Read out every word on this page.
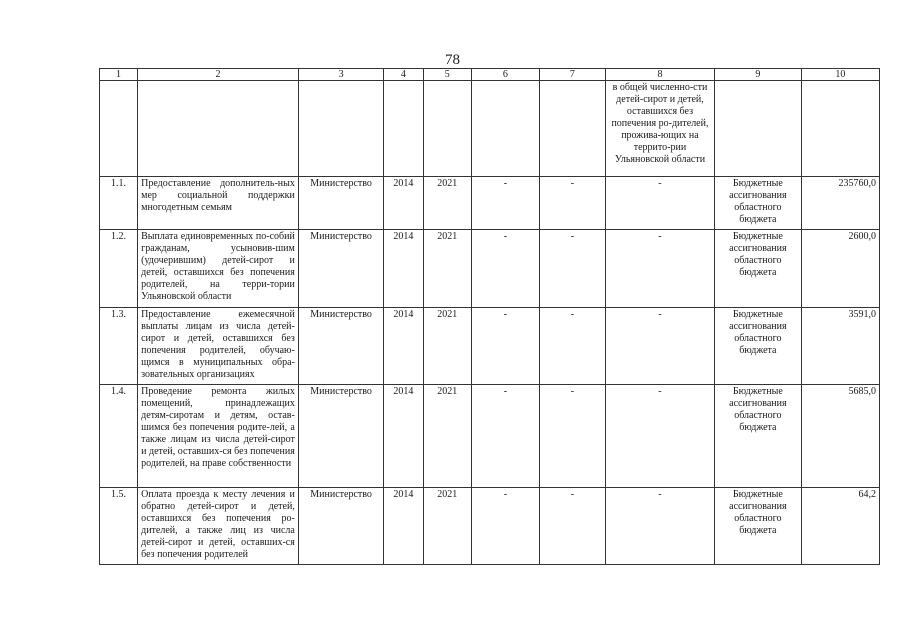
78
1	2	3	4	5	6	7	8	9	10
							в общей численно-сти детей-сирот и детей, оставшихся без попечения ро-дителей, прожива-ющих на террито-рии Ульяновской области		
1.1.	Предоставление дополнитель-ных мер социальной поддержки многодетным семьям	Министерство	2014	2021	-	-	-	Бюджетные ассигнования областного бюджета	235760,0
1.2.	Выплата единовременных по-собий гражданам, усыновив-шим (удочерившим) детей-сирот и детей, оставшихся без попечения родителей, на терри-тории Ульяновской области	Министерство	2014	2021	-	-	-	Бюджетные ассигнования областного бюджета	2600,0
1.3.	Предоставление ежемесячной выплаты лицам из числа детей-сирот и детей, оставшихся без попечения родителей, обучаю-щимся в муниципальных обра-зовательных организациях	Министерство	2014	2021	-	-	-	Бюджетные ассигнования областного бюджета	3591,0
1.4.	Проведение ремонта жилых помещений, принадлежащих детям-сиротам и детям, остав-шимся без попечения родите-лей, а также лицам из числа детей-сирот и детей, оставших-ся без попечения родителей, на праве собственности	Министерство	2014	2021	-	-	-	Бюджетные ассигнования областного бюджета	5685,0
1.5.	Оплата проезда к месту лечения и обратно детей-сирот и детей, оставшихся без попечения ро-дителей, а также лиц из числа детей-сирот и детей, оставших-ся без попечения родителей	Министерство	2014	2021	-	-	-	Бюджетные ассигнования областного бюджета	64,2
